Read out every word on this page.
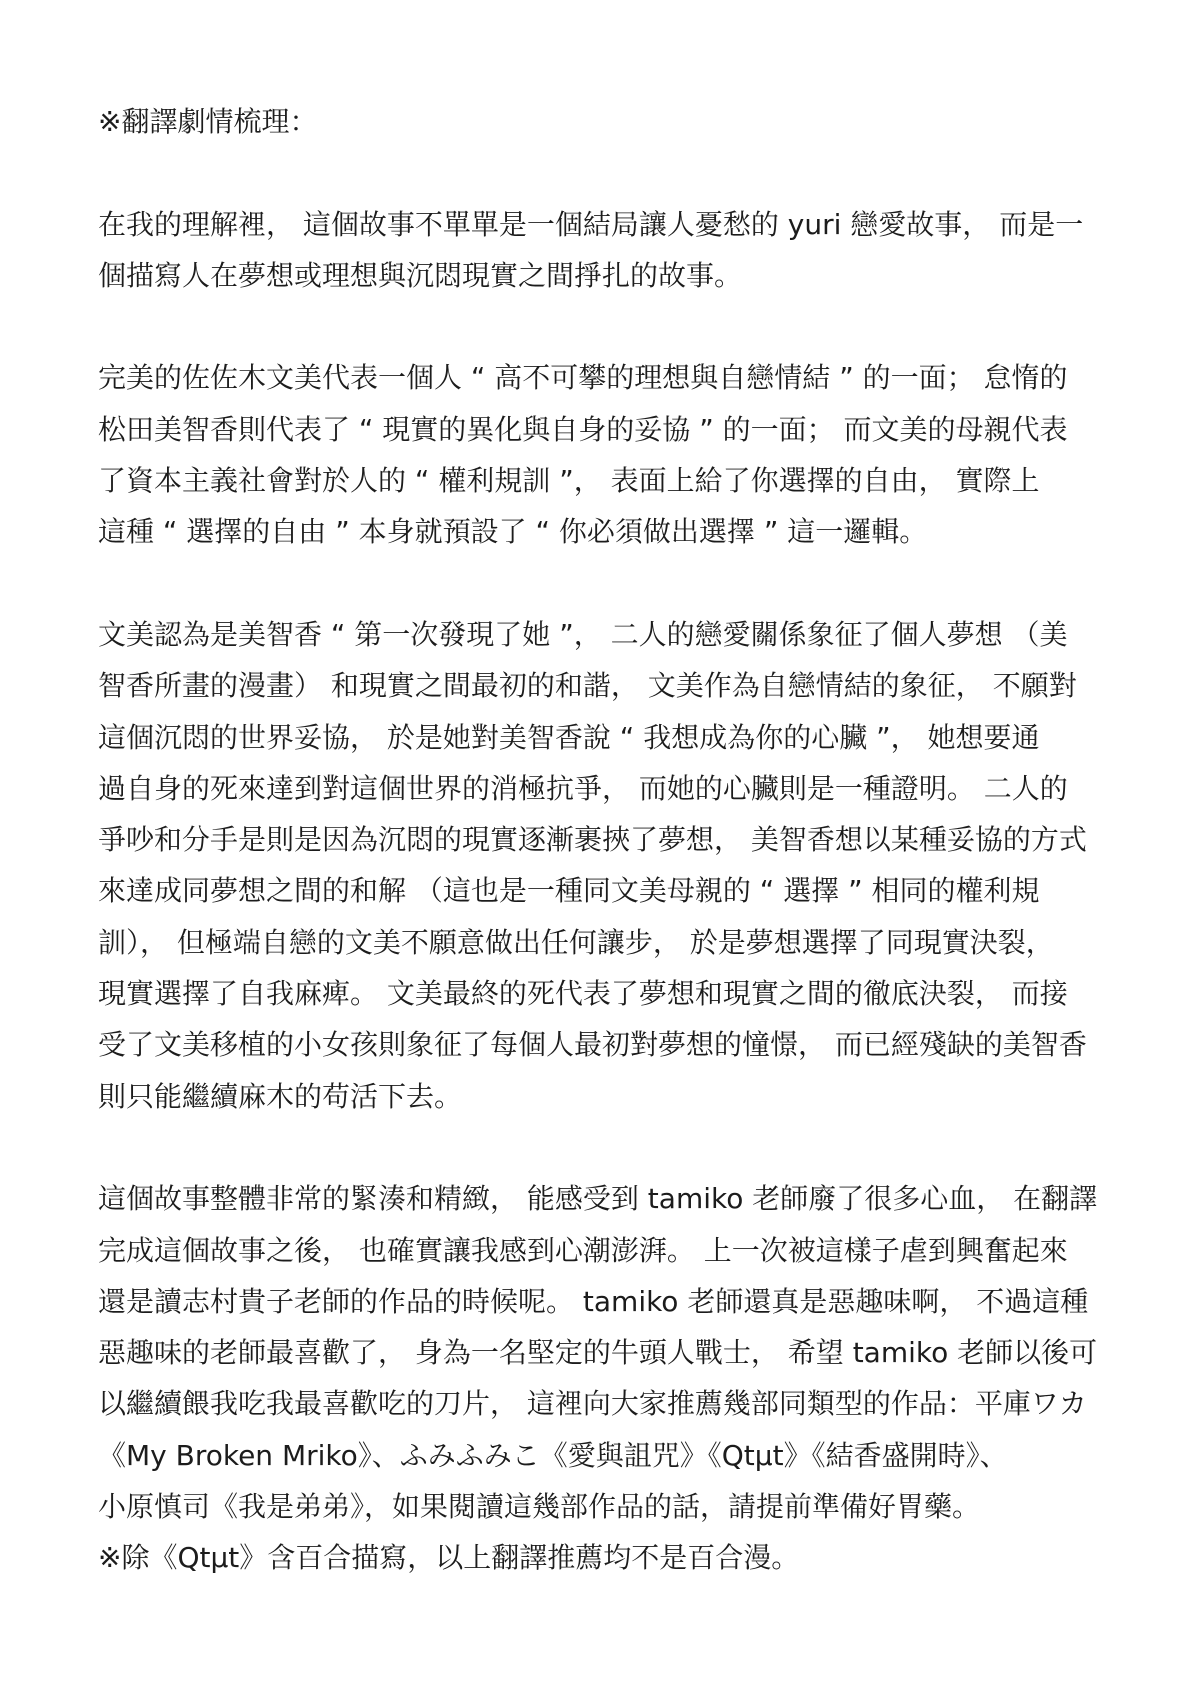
※翻譯劇情梳理：
在我的理解裡， 這個故事不單單是一個結局讓人憂愁的 yuri 戀愛故事， 而是一
個描寫人在夢想或理想與沉悶現實之間掙扎的故事。
完美的佐佐木文美代表一個人 “ 高不可攀的理想與自戀情結 ” 的一面； 怠惰的
松田美智香則代表了 “ 現實的異化與自身的妥協 ” 的一面； 而文美的母親代表
了資本主義社會對於人的 “ 權利規訓 ”， 表面上給了你選擇的自由， 實際上
這種 “ 選擇的自由 ” 本身就預設了 “ 你必須做出選擇 ” 這一邏輯。
文美認為是美智香 “ 第一次發現了她 ”， 二人的戀愛關係象征了個人夢想 （美
智香所畫的漫畫） 和現實之間最初的和諧， 文美作為自戀情結的象征， 不願對
這個沉悶的世界妥協， 於是她對美智香說 “ 我想成為你的心臟 ”， 她想要通
過自身的死來達到對這個世界的消極抗爭， 而她的心臟則是一種證明。 二人的
爭吵和分手是則是因為沉悶的現實逐漸裹挾了夢想， 美智香想以某種妥協的方式
來達成同夢想之間的和解 （這也是一種同文美母親的 “ 選擇 ” 相同的權利規
訓）， 但極端自戀的文美不願意做出任何讓步， 於是夢想選擇了同現實決裂，
現實選擇了自我麻痺。 文美最終的死代表了夢想和現實之間的徹底決裂， 而接
受了文美移植的小女孩則象征了每個人最初對夢想的憧憬， 而已經殘缺的美智香
則只能繼續麻木的苟活下去。
這個故事整體非常的緊湊和精緻， 能感受到 tamiko 老師廢了很多心血， 在翻譯
完成這個故事之後， 也確實讓我感到心潮澎湃。 上一次被這樣子虐到興奮起來
還是讀志村貴子老師的作品的時候呢。 tamiko 老師還真是惡趣味啊， 不過這種
惡趣味的老師最喜歡了， 身為一名堅定的牛頭人戰士， 希望 tamiko 老師以後可
以繼續餵我吃我最喜歡吃的刀片， 這裡向大家推薦幾部同類型的作品：平庫ワカ
《My Broken Mriko》、ふみふみこ《愛與詛咒》《Qtμt》《結香盛開時》、
小原慎司《我是弟弟》，如果閱讀這幾部作品的話，請提前準備好胃藥。
※除《Qtμt》含百合描寫，以上翻譯推薦均不是百合漫。
